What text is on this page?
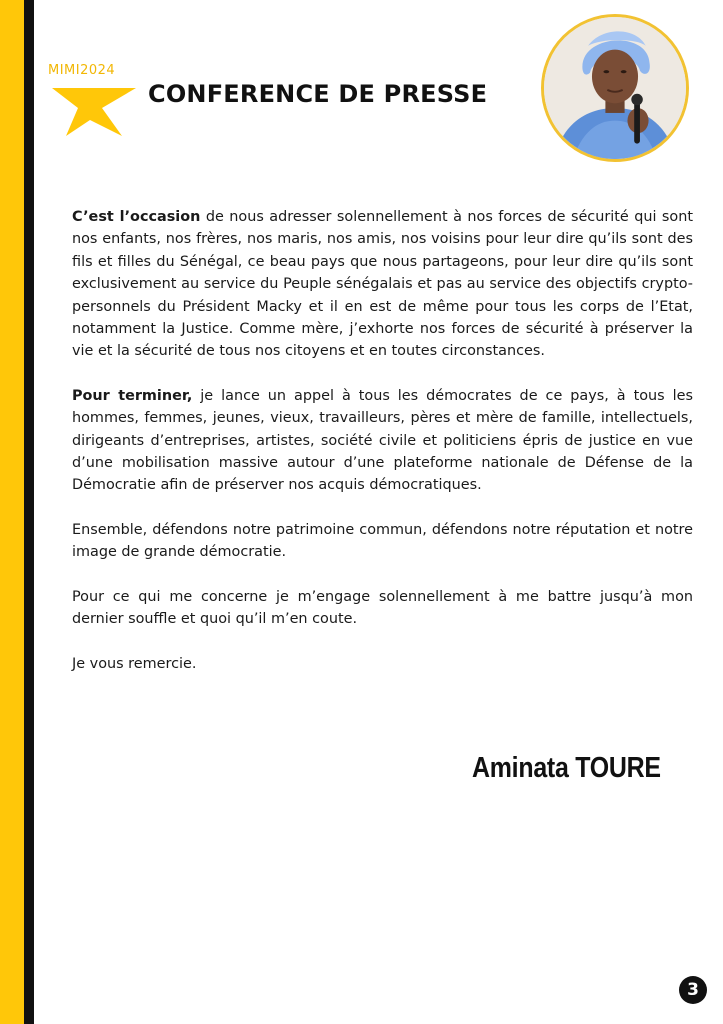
MIMI2024
CONFERENCE DE PRESSE

C’est l’occasion de nous adresser solennellement à nos forces de sécurité qui sont nos enfants, nos frères, nos maris, nos amis, nos voisins pour leur dire qu’ils sont des fils et filles du Sénégal, ce beau pays que nous partageons, pour leur dire qu’ils sont exclusivement au service du Peuple sénégalais et pas au service des objectifs crypto-personnels du Président Macky et il en est de même pour tous les corps de l’Etat, notamment la Justice. Comme mère, j’exhorte nos forces de sécurité à préserver la vie et la sécurité de tous nos citoyens et en toutes circonstances.

Pour terminer, je lance un appel à tous les démocrates de ce pays, à tous les hommes, femmes, jeunes, vieux, travailleurs, pères et mère de famille, intellectuels, dirigeants d’entreprises, artistes, société civile et politiciens épris de justice en vue d’une mobilisation massive autour d’une plateforme nationale de Défense de la Démocratie afin de préserver nos acquis démocratiques.

Ensemble, défendons notre patrimoine commun, défendons notre réputation et notre image de grande démocratie.

Pour ce qui me concerne je m’engage solennellement à me battre jusqu’à mon dernier souffle et quoi qu’il m’en coute.

Je vous remercie.

Aminata TOURE
3
